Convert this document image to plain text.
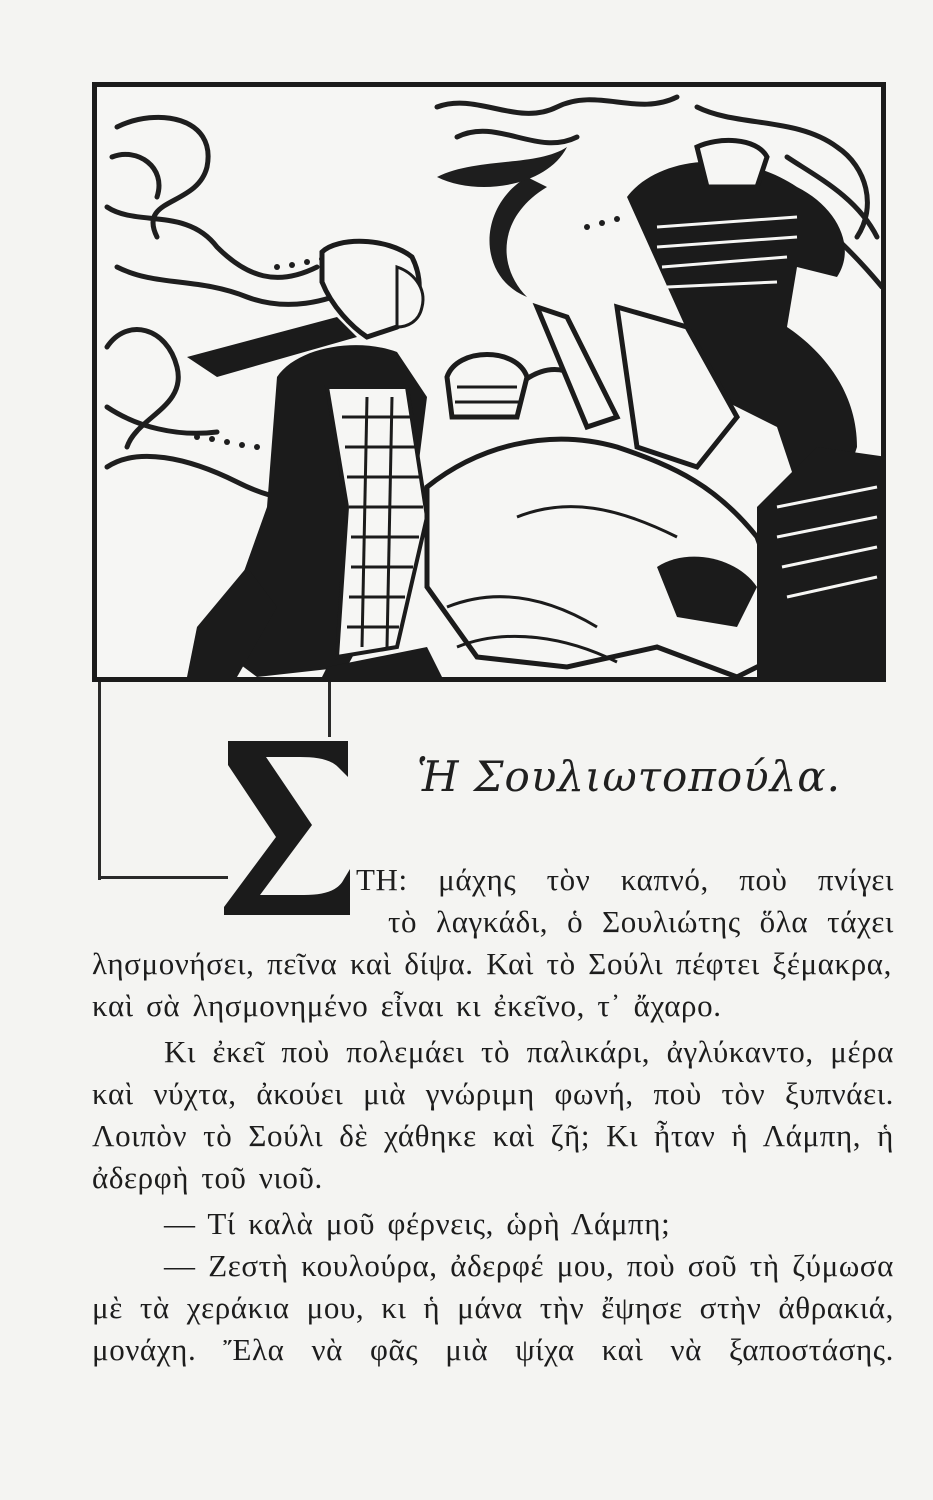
Ἡ Σουλιωτοπούλα.
ΤΗ: μάχης τὸν καπνό, ποὺ πνίγει
τὸ λαγκάδι, ὁ Σουλιώτης ὅλα τάχει
λησμονήσει, πεῖνα καὶ δίψα. Καὶ τὸ Σούλι πέφτει ξέμακρα,
καὶ σὰ λησμονημένο εἶναι κι ἐκεῖνο, τ᾽ ἄχαρο.
Κι ἐκεῖ ποὺ πολεμάει τὸ παλικάρι, ἀγλύκαντο, μέρα
καὶ νύχτα, ἀκούει μιὰ γνώριμη φωνή, ποὺ τὸν ξυπνάει.
Λοιπὸν τὸ Σούλι δὲ χάθηκε καὶ ζῆ; Κι ἦταν ἡ Λάμπη, ἡ
ἀδερφὴ τοῦ νιοῦ.
— Τί καλὰ μοῦ φέρνεις, ὡρὴ Λάμπη;
— Ζεστὴ κουλούρα, ἀδερφέ μου, ποὺ σοῦ τὴ ζύμωσα
μὲ τὰ χεράκια μου, κι ἡ μάνα τὴν ἔψησε στὴν ἀθρακιά,
μονάχη. Ἔλα νὰ φᾶς μιὰ ψίχα καὶ νὰ ξαποστάσης.
